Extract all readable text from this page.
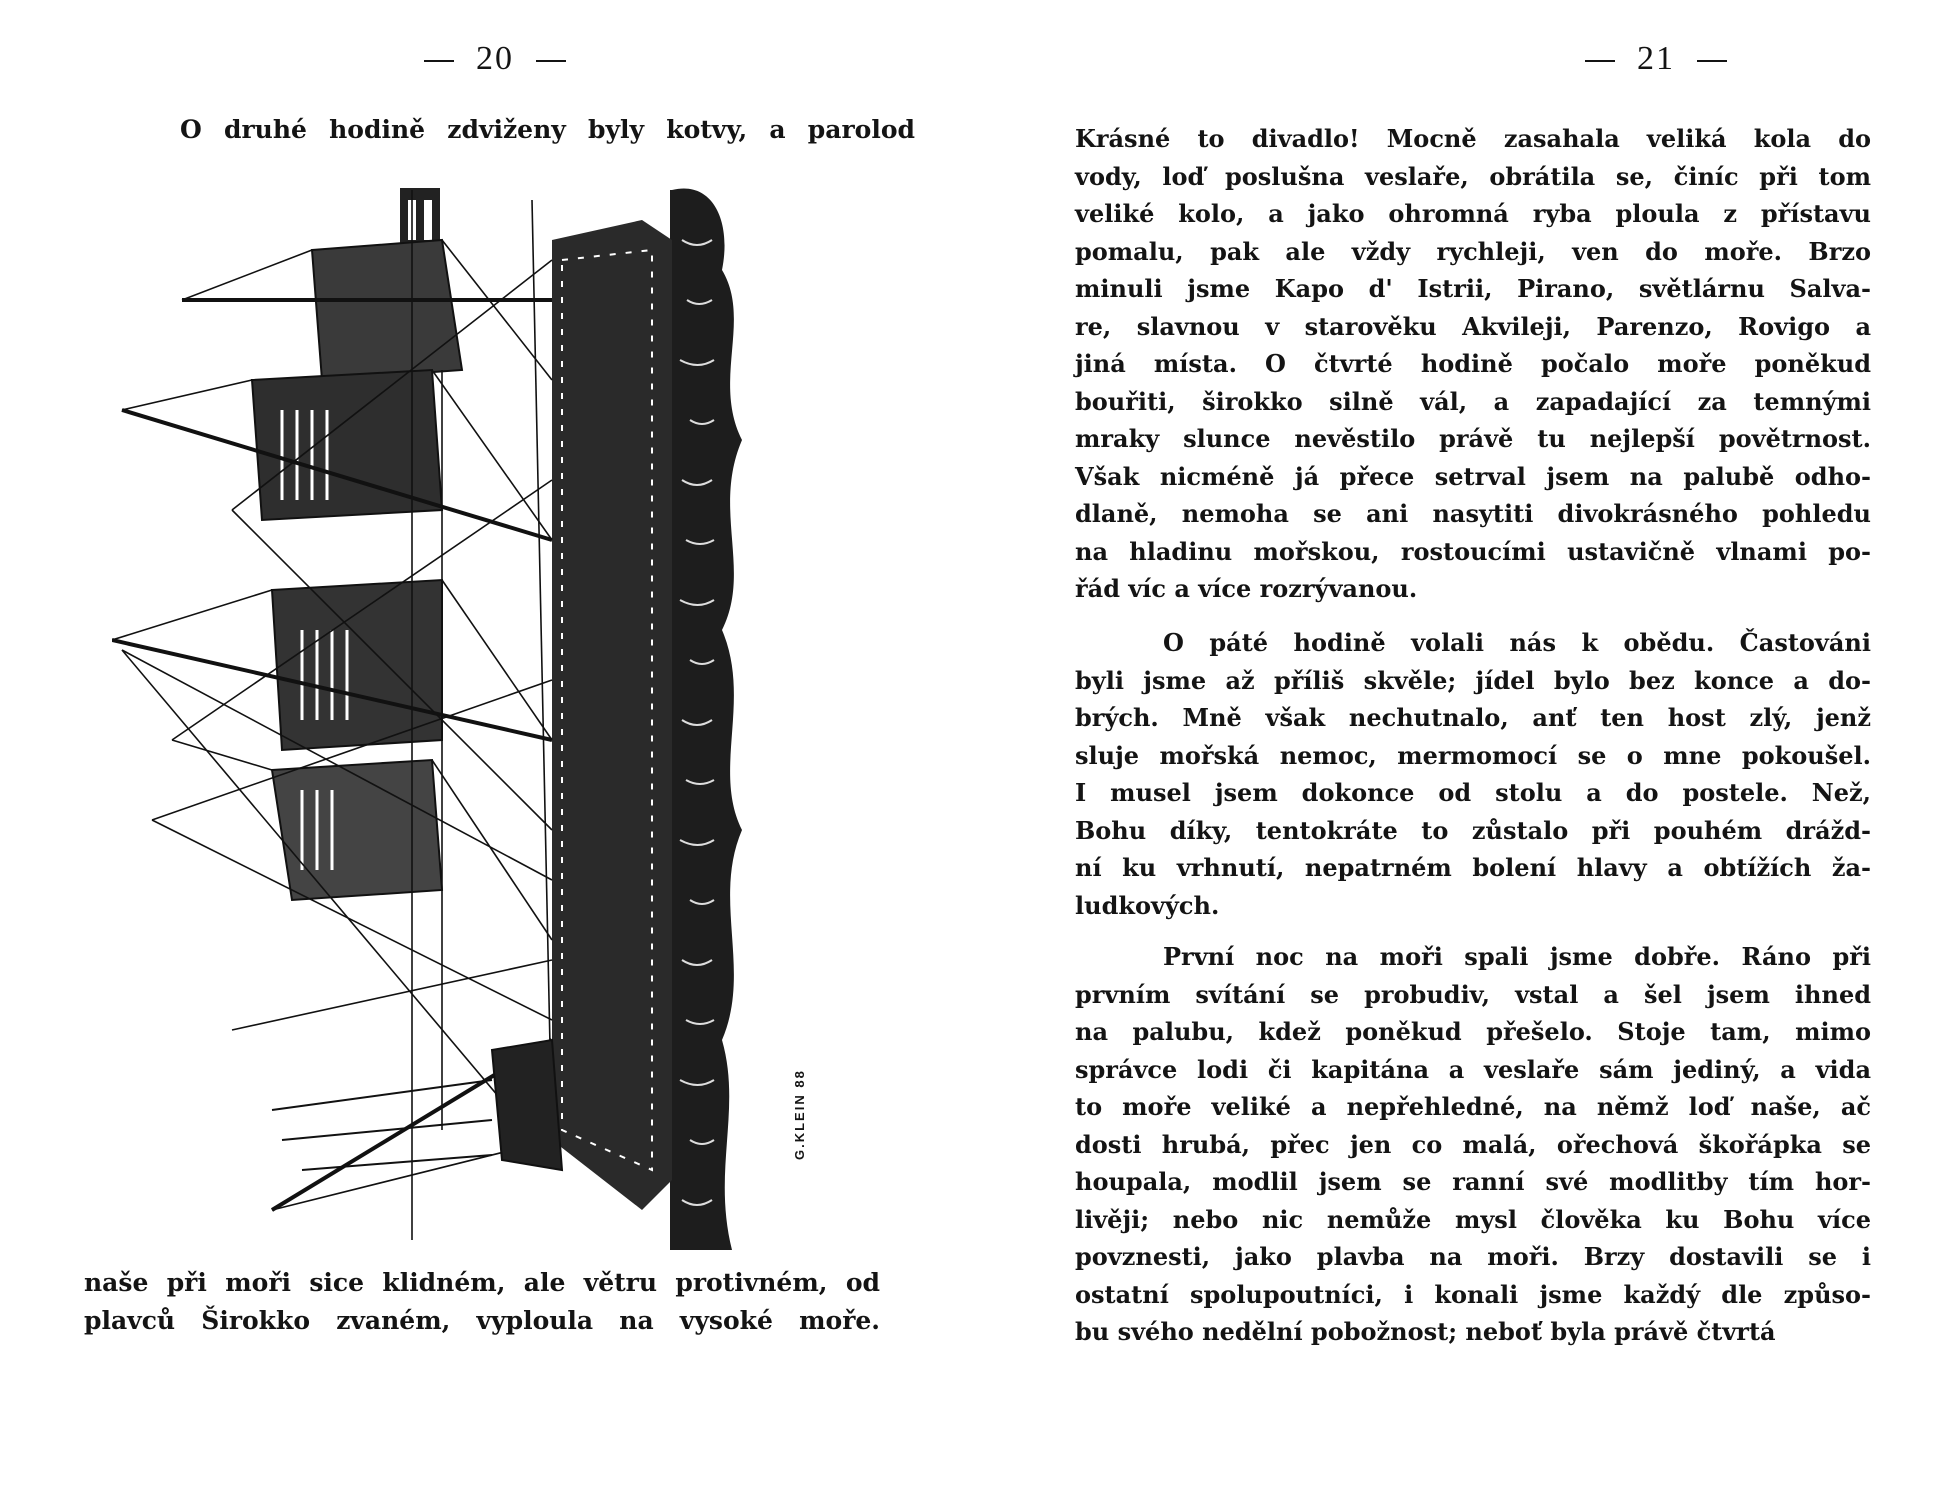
20
O druhé hodině zdviženy byly kotvy, a parolod
G.KLEIN 88
naše při moři sice klidném, ale větru protivném, od
plavců Širokko zvaném, vyploula na vysoké moře.
21
Krásné to divadlo! Mocně zasahala veliká kola do
vody, loď poslušna veslaře, obrátila se, činíc při tom
veliké kolo, a jako ohromná ryba ploula z přístavu
pomalu, pak ale vždy rychleji, ven do moře. Brzo
minuli jsme Kapo d' Istrii, Pirano, světlárnu Salva-
re, slavnou v starověku Akvileji, Parenzo, Rovigo a
jiná místa. O čtvrté hodině počalo moře poněkud
bouřiti, širokko silně vál, a zapadající za temnými
mraky slunce nevěstilo právě tu nejlepší povětrnost.
Však nicméně já přece setrval jsem na palubě odho-
dlaně, nemoha se ani nasytiti divokrásného pohledu
na hladinu mořskou, rostoucími ustavičně vlnami po-
řád víc a více rozrývanou.
O páté hodině volali nás k obědu. Častováni
byli jsme až příliš skvěle; jídel bylo bez konce a do-
brých. Mně však nechutnalo, anť ten host zlý, jenž
sluje mořská nemoc, mermomocí se o mne pokoušel.
I musel jsem dokonce od stolu a do postele. Než,
Bohu díky, tentokráte to zůstalo při pouhém drážd-
ní ku vrhnutí, nepatrném bolení hlavy a obtížích ža-
ludkových.
První noc na moři spali jsme dobře. Ráno při
prvním svítání se probudiv, vstal a šel jsem ihned
na palubu, kdež poněkud přešelo. Stoje tam, mimo
správce lodi či kapitána a veslaře sám jediný, a vida
to moře veliké a nepřehledné, na němž loď naše, ač
dosti hrubá, přec jen co malá, ořechová škořápka se
houpala, modlil jsem se ranní své modlitby tím hor-
livěji; nebo nic nemůže mysl člověka ku Bohu více
povznesti, jako plavba na moři. Brzy dostavili se i
ostatní spolupoutníci, i konali jsme každý dle způso-
bu svého nedělní pobožnost; neboť byla právě čtvrtá
